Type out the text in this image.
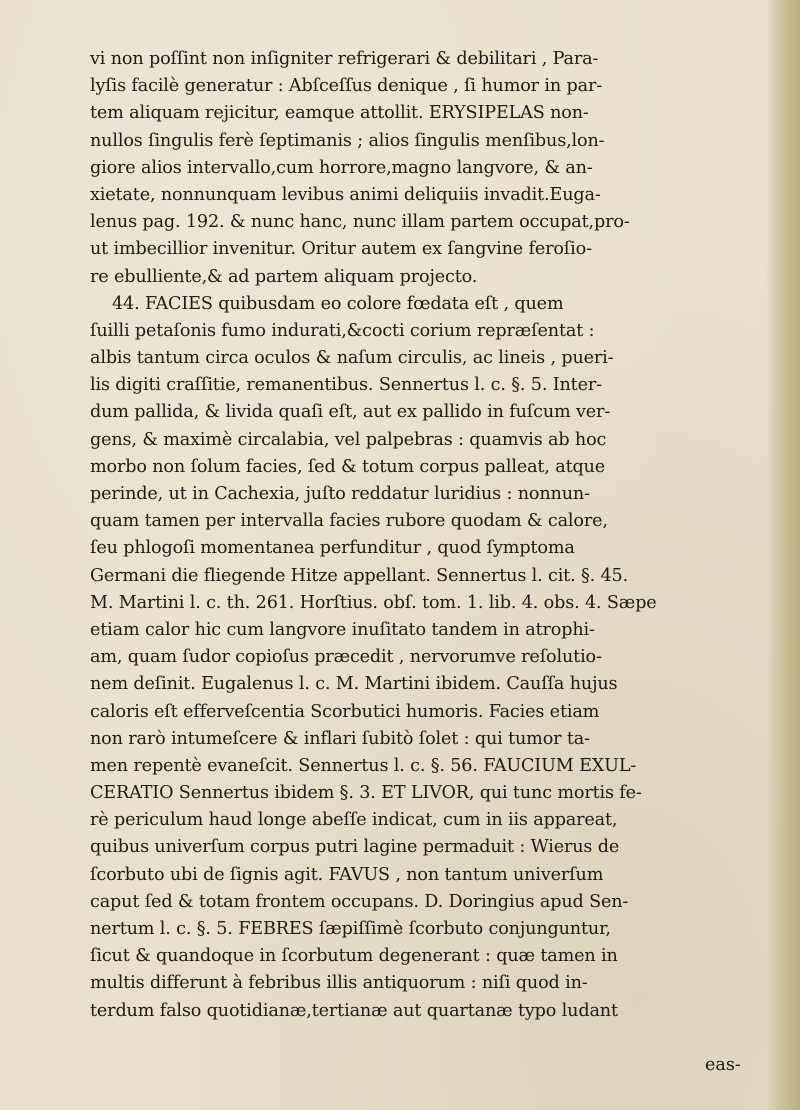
vi non poſſint non inſigniter refrigerari & debilitari , Para-
lyſis facilè generatur : Abſceſſus denique , ſi humor in par-
tem aliquam rejicitur, eamque attollit. ERYSIPELAS non-
nullos ſingulis ferè ſeptimanis ; alios ſingulis menſibus,lon-
giore alios intervallo,cum horrore,magno langvore, & an-
xietate, nonnunquam levibus animi deliquiis invadit.Euga-
lenus pag. 192. & nunc hanc, nunc illam partem occupat,pro-
ut imbecillior invenitur. Oritur autem ex ſangvine feroſio-
re ebulliente,& ad partem aliquam projecto.
44. FACIES quibusdam eo colore fœdata eſt , quem
ſuilli petaſonis fumo indurati,&cocti corium repræſentat :
albis tantum circa oculos & naſum circulis, ac lineis , pueri-
lis digiti craſſitie, remanentibus. Sennertus l. c. §. 5. Inter-
dum pallida, & livida quaſi eſt, aut ex pallido in fuſcum ver-
gens, & maximè circalabia, vel palpebras : quamvis ab hoc
morbo non ſolum facies, ſed & totum corpus palleat, atque
perinde, ut in Cachexia, juſto reddatur luridius : nonnun-
quam tamen per intervalla facies rubore quodam & calore,
ſeu phlogoſi momentanea perfunditur , quod ſymptoma
Germani die fliegende Hitze appellant. Sennertus l. cit. §. 45.
M. Martini l. c. th. 261. Horſtius. obſ. tom. 1. lib. 4. obs. 4. Sæpe
etiam calor hic cum langvore inuſitato tandem in atrophi-
am, quam ſudor copioſus præcedit , nervorumve reſolutio-
nem deſinit. Eugalenus l. c. M. Martini ibidem. Cauſſa hujus
caloris eſt efferveſcentia Scorbutici humoris. Facies etiam
non rarò intumeſcere & inflari ſubitò ſolet : qui tumor ta-
men repentè evaneſcit. Sennertus l. c. §. 56. FAUCIUM EXUL-
CERATIO Sennertus ibidem §. 3. ET LIVOR, qui tunc mortis fe-
rè periculum haud longe abeſſe indicat, cum in iis appareat,
quibus univerſum corpus putri lagine permaduit : Wierus de
ſcorbuto ubi de ſignis agit. FAVUS , non tantum univerſum
caput ſed & totam frontem occupans. D. Doringius apud Sen-
nertum l. c. §. 5. FEBRES ſæpiſſimè ſcorbuto conjunguntur,
ſicut & quandoque in ſcorbutum degenerant : quæ tamen in
multis differunt à febribus illis antiquorum : niſi quod in-
terdum falso quotidianæ,tertianæ aut quartanæ typo ludant
eas-
